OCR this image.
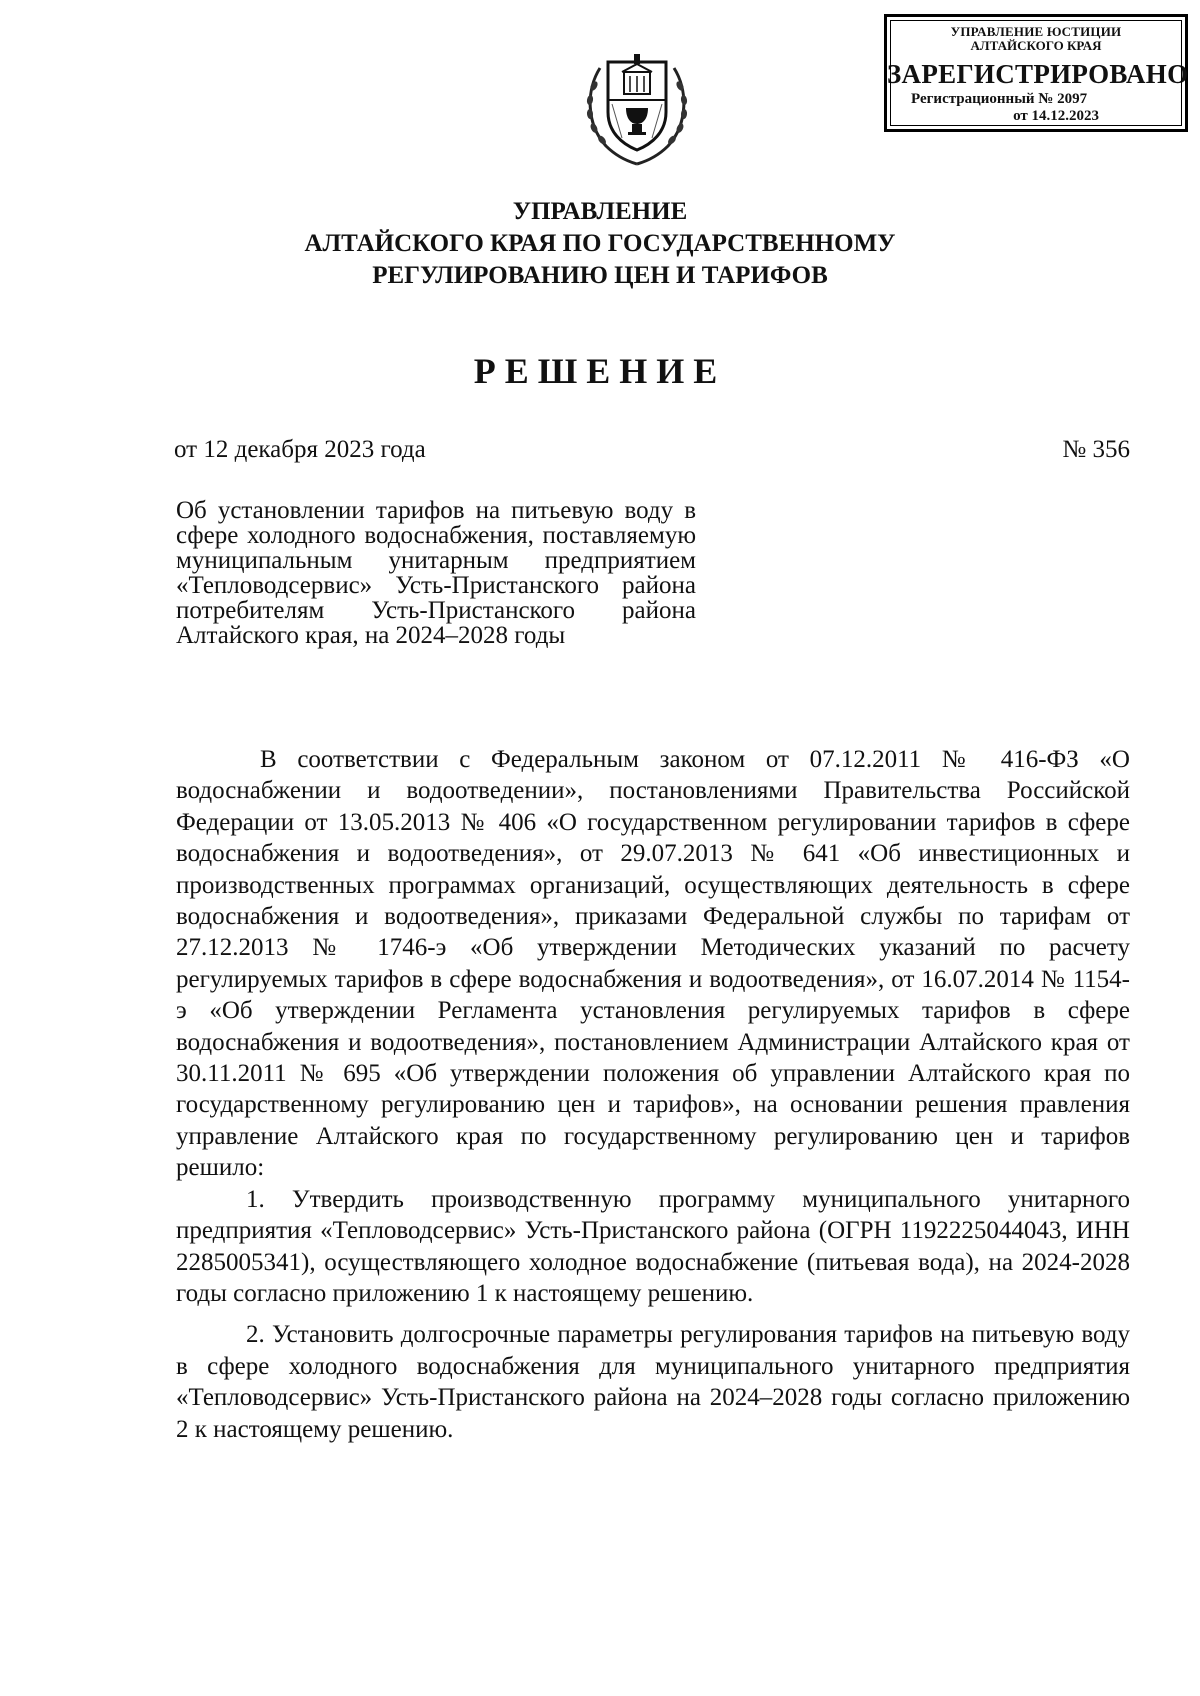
УПРАВЛЕНИЕ ЮСТИЦИИ
АЛТАЙСКОГО КРАЯ
ЗАРЕГИСТРИРОВАНО
Регистрационный № 2097
от 14.12.2023
УПРАВЛЕНИЕ
АЛТАЙСКОГО КРАЯ ПО ГОСУДАРСТВЕННОМУ
РЕГУЛИРОВАНИЮ ЦЕН И ТАРИФОВ
РЕШЕНИЕ
от 12 декабря 2023 года	№ 356
Об установлении тарифов на питьевую воду в сфере холодного водоснабжения, поставляемую муниципальным унитарным предприятием «Тепловодсервис» Усть-Пристанского района потребителям Усть-Пристанского района Алтайского края, на 2024–2028 годы

В соответствии с Федеральным законом от 07.12.2011 № 416-ФЗ «О водоснабжении и водоотведении», постановлениями Правительства Российской Федерации от 13.05.2013 № 406 «О государственном регулировании тарифов в сфере водоснабжения и водоотведения», от 29.07.2013 № 641 «Об инвестиционных и производственных программах организаций, осуществляющих деятельность в сфере водоснабжения и водоотведения», приказами Федеральной службы по тарифам от 27.12.2013 № 1746-э «Об утверждении Методических указаний по расчету регулируемых тарифов в сфере водоснабжения и водоотведения», от 16.07.2014 № 1154-э «Об утверждении Регламента установления регулируемых тарифов в сфере водоснабжения и водоотведения», постановлением Администрации Алтайского края от 30.11.2011 № 695 «Об утверждении положения об управлении Алтайского края по государственному регулированию цен и тарифов», на основании решения правления управление Алтайского края по государственному регулированию цен и тарифов решило:

1. Утвердить производственную программу муниципального унитарного предприятия «Тепловодсервис» Усть-Пристанского района (ОГРН 1192225044043, ИНН 2285005341), осуществляющего холодное водоснабжение (питьевая вода), на 2024-2028 годы согласно приложению 1 к настоящему решению.

2. Установить долгосрочные параметры регулирования тарифов на питьевую воду в сфере холодного водоснабжения для муниципального унитарного предприятия «Тепловодсервис» Усть-Пристанского района на 2024–2028 годы согласно приложению 2 к настоящему решению.
